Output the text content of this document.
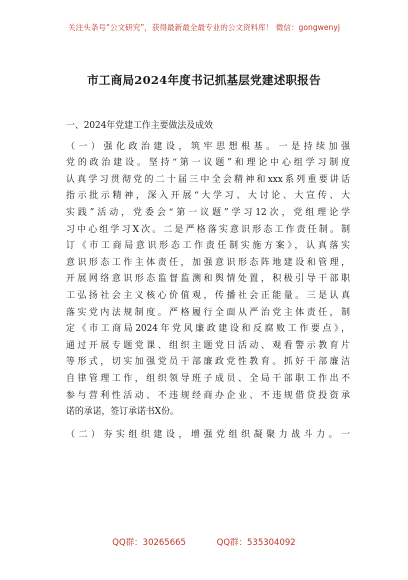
关注头条号“公文研究”，获得最新最全最专业的公文资料库！ 微信：gongwenyj
市工商局2024年度书记抓基层党建述职报告

一、2024年党建工作主要做法及成效

（一）强化政治建设，筑牢思想根基。一是持续加强
党的政治建设。坚持“第一议题”和理论中心组学习制度
认真学习贯彻党的二十届三中全会精神和xxx系列重要讲话
指示批示精神，深入开展“大学习、大讨论、大宣传、大
实践”活动，党委会“第一议题”学习12次，党组理论学
习中心组学习X次。二是严格落实意识形态工作责任制。制
订《市工商局意识形态工作责任制实施方案》，认真落实
意识形态工作主体责任，加强意识形态阵地建设和管理，
开展网络意识形态监督监测和舆情处置，积极引导干部职
工弘扬社会主义核心价值观，传播社会正能量。三是认真
落实党内法规制度。严格履行全面从严治党主体责任，制
定《市工商局2024年党风廉政建设和反腐败工作要点》，
通过开展专题党课、组织主题党日活动、观看警示教育片
等形式，切实加强党员干部廉政党性教育。抓好干部廉洁
自律管理工作，组织领导班子成员、全局干部职工作出不
参与营利性活动、不违规经商办企业、不违规借贷投资承
诺的承诺，签订承诺书X份。
（二）夯实组织建设，增强党组织凝聚力战斗力。一
QQ群：30265665	QQ群：535304092
